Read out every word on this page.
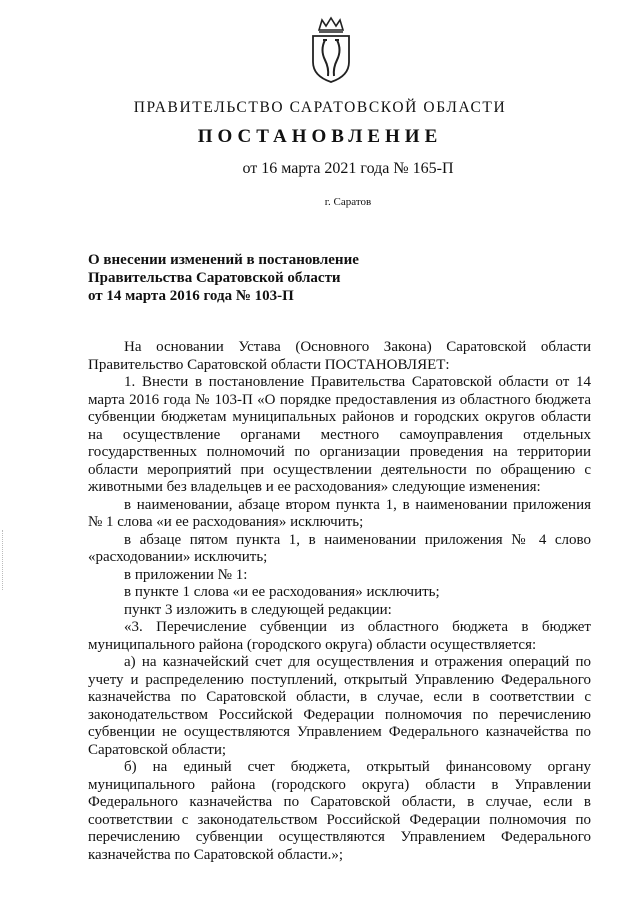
ПРАВИТЕЛЬСТВО САРАТОВСКОЙ ОБЛАСТИ
ПОСТАНОВЛЕНИЕ
от 16 марта 2021 года № 165-П
г. Саратов
О внесении изменений в постановление
Правительства Саратовской области
от 14 марта 2016 года № 103-П

На основании Устава (Основного Закона) Саратовской области Правительство Саратовской области ПОСТАНОВЛЯЕТ:

1. Внести в постановление Правительства Саратовской области от 14 марта 2016 года № 103-П «О порядке предоставления из областного бюджета субвенции бюджетам муниципальных районов и городских округов области на осуществление органами местного самоуправления отдельных государственных полномочий по организации проведения на территории области мероприятий при осуществлении деятельности по обращению с животными без владельцев и ее расходования» следующие изменения:

в наименовании, абзаце втором пункта 1, в наименовании приложения № 1 слова «и ее расходования» исключить;

в абзаце пятом пункта 1, в наименовании приложения № 4 слово «расходовании» исключить;

в приложении № 1:

в пункте 1 слова «и ее расходования» исключить;

пункт 3 изложить в следующей редакции:

«3. Перечисление субвенции из областного бюджета в бюджет муниципального района (городского округа) области осуществляется:

а) на казначейский счет для осуществления и отражения операций по учету и распределению поступлений, открытый Управлению Федерального казначейства по Саратовской области, в случае, если в соответствии с законодательством Российской Федерации полномочия по перечислению субвенции не осуществляются Управлением Федерального казначейства по Саратовской области;

б) на единый счет бюджета, открытый финансовому органу муниципального района (городского округа) области в Управлении Федерального казначейства по Саратовской области, в случае, если в соответствии с законодательством Российской Федерации полномочия по перечислению субвенции осуществляются Управлением Федерального казначейства по Саратовской области.»;
